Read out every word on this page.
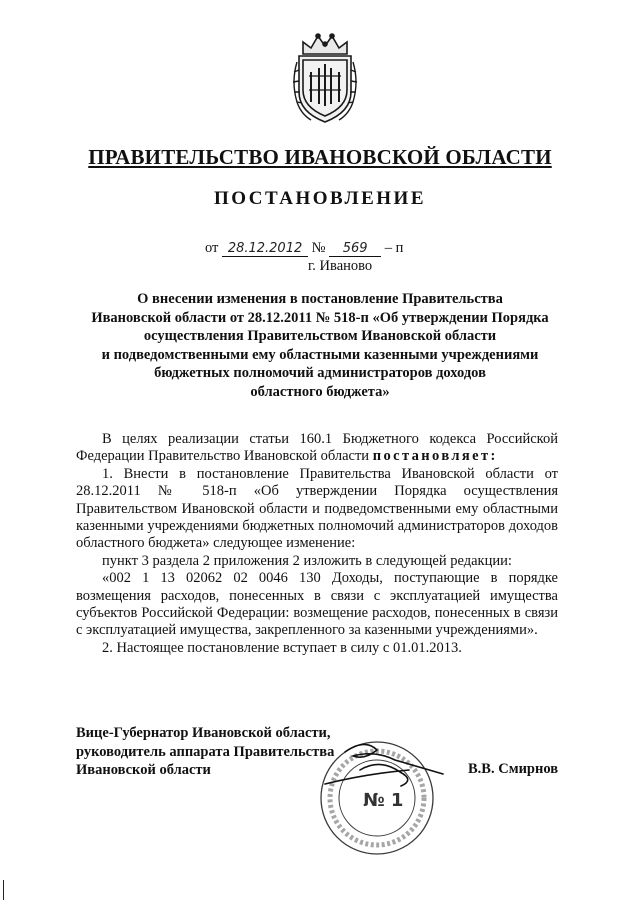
ПРАВИТЕЛЬСТВО ИВАНОВСКОЙ ОБЛАСТИ
ПОСТАНОВЛЕНИЕ
от 28.12.2012 № 569 – п
г. Иваново
О внесении изменения в постановление Правительства
Ивановской области от 28.12.2011 № 518-п «Об утверждении Порядка
осуществления Правительством Ивановской области
и подведомственными ему областными казенными учреждениями
бюджетных полномочий администраторов доходов
областного бюджета»

В целях реализации статьи 160.1 Бюджетного кодекса Российской Федерации Правительство Ивановской области постановляет:

1. Внести в постановление Правительства Ивановской области от 28.12.2011 № 518-п «Об утверждении Порядка осуществления Правительством Ивановской области и подведомственными ему областными казенными учреждениями бюджетных полномочий администраторов доходов областного бюджета» следующее изменение:

пункт 3 раздела 2 приложения 2 изложить в следующей редакции:

«002 1 13 02062 02 0046 130 Доходы, поступающие в порядке возмещения расходов, понесенных в связи с эксплуатацией имущества субъектов Российской Федерации: возмещение расходов, понесенных в связи с эксплуатацией имущества, закрепленного за казенными учреждениями».

2. Настоящее постановление вступает в силу с 01.01.2013.

Вице-Губернатор Ивановской области,
руководитель аппарата Правительства
Ивановской области	В.В. Смирнов
№ 1
